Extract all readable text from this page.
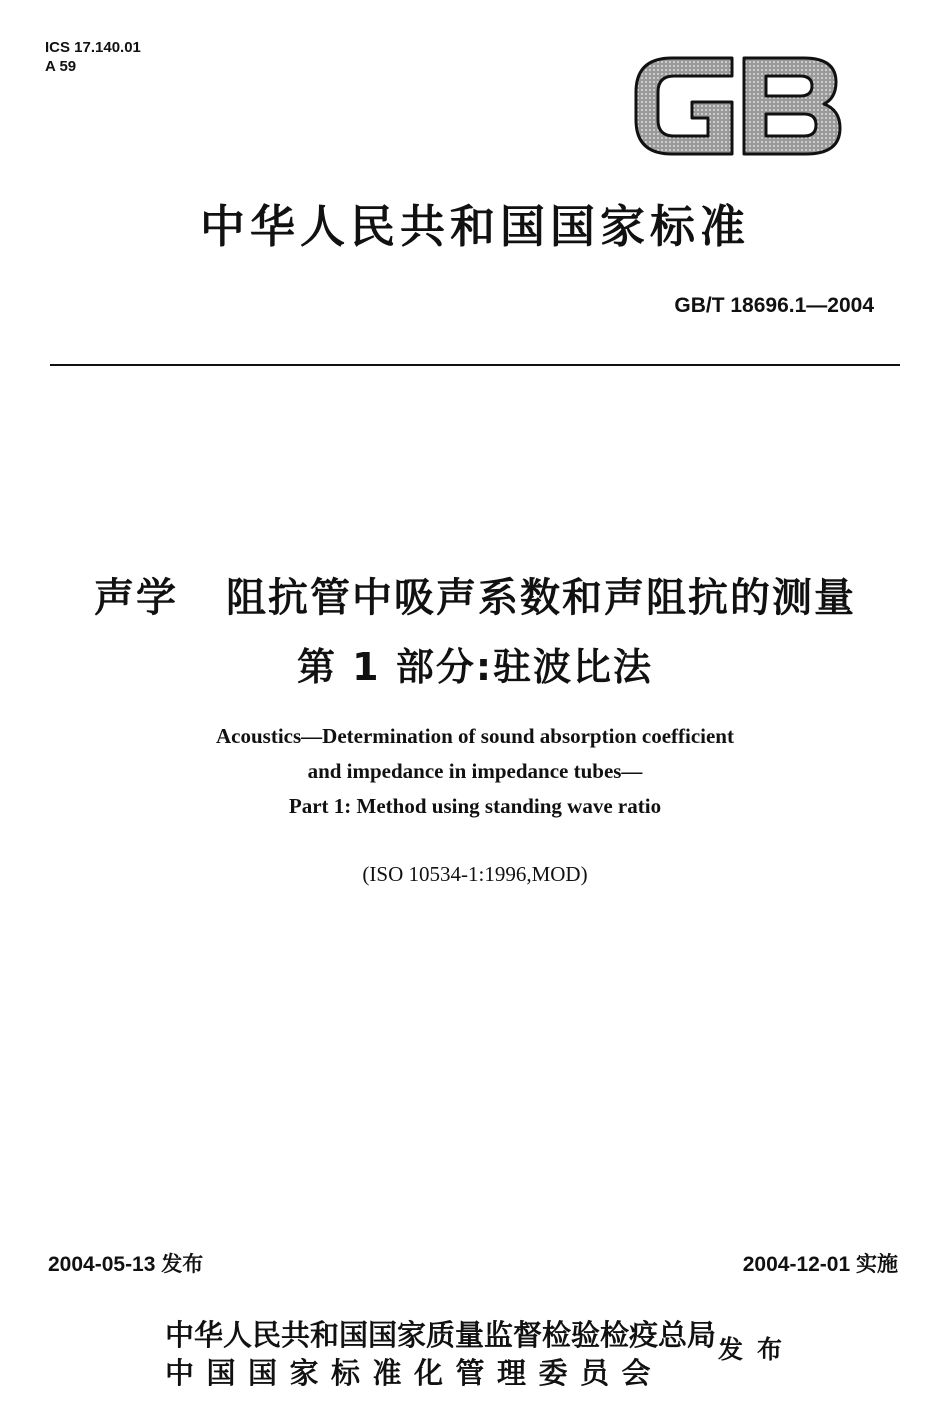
ICS 17.140.01
A 59
中华人民共和国国家标准
GB/T 18696.1—2004
声学 阻抗管中吸声系数和声阻抗的测量
第 1 部分:驻波比法
Acoustics—Determination of sound absorption coefficient
and impedance in impedance tubes—
Part 1: Method using standing wave ratio
(ISO 10534-1:1996,MOD)
2004-05-13 发布	2004-12-01 实施
中华人民共和国国家质量监督检验检疫总局
中国国家标准化管理委员会
发布
